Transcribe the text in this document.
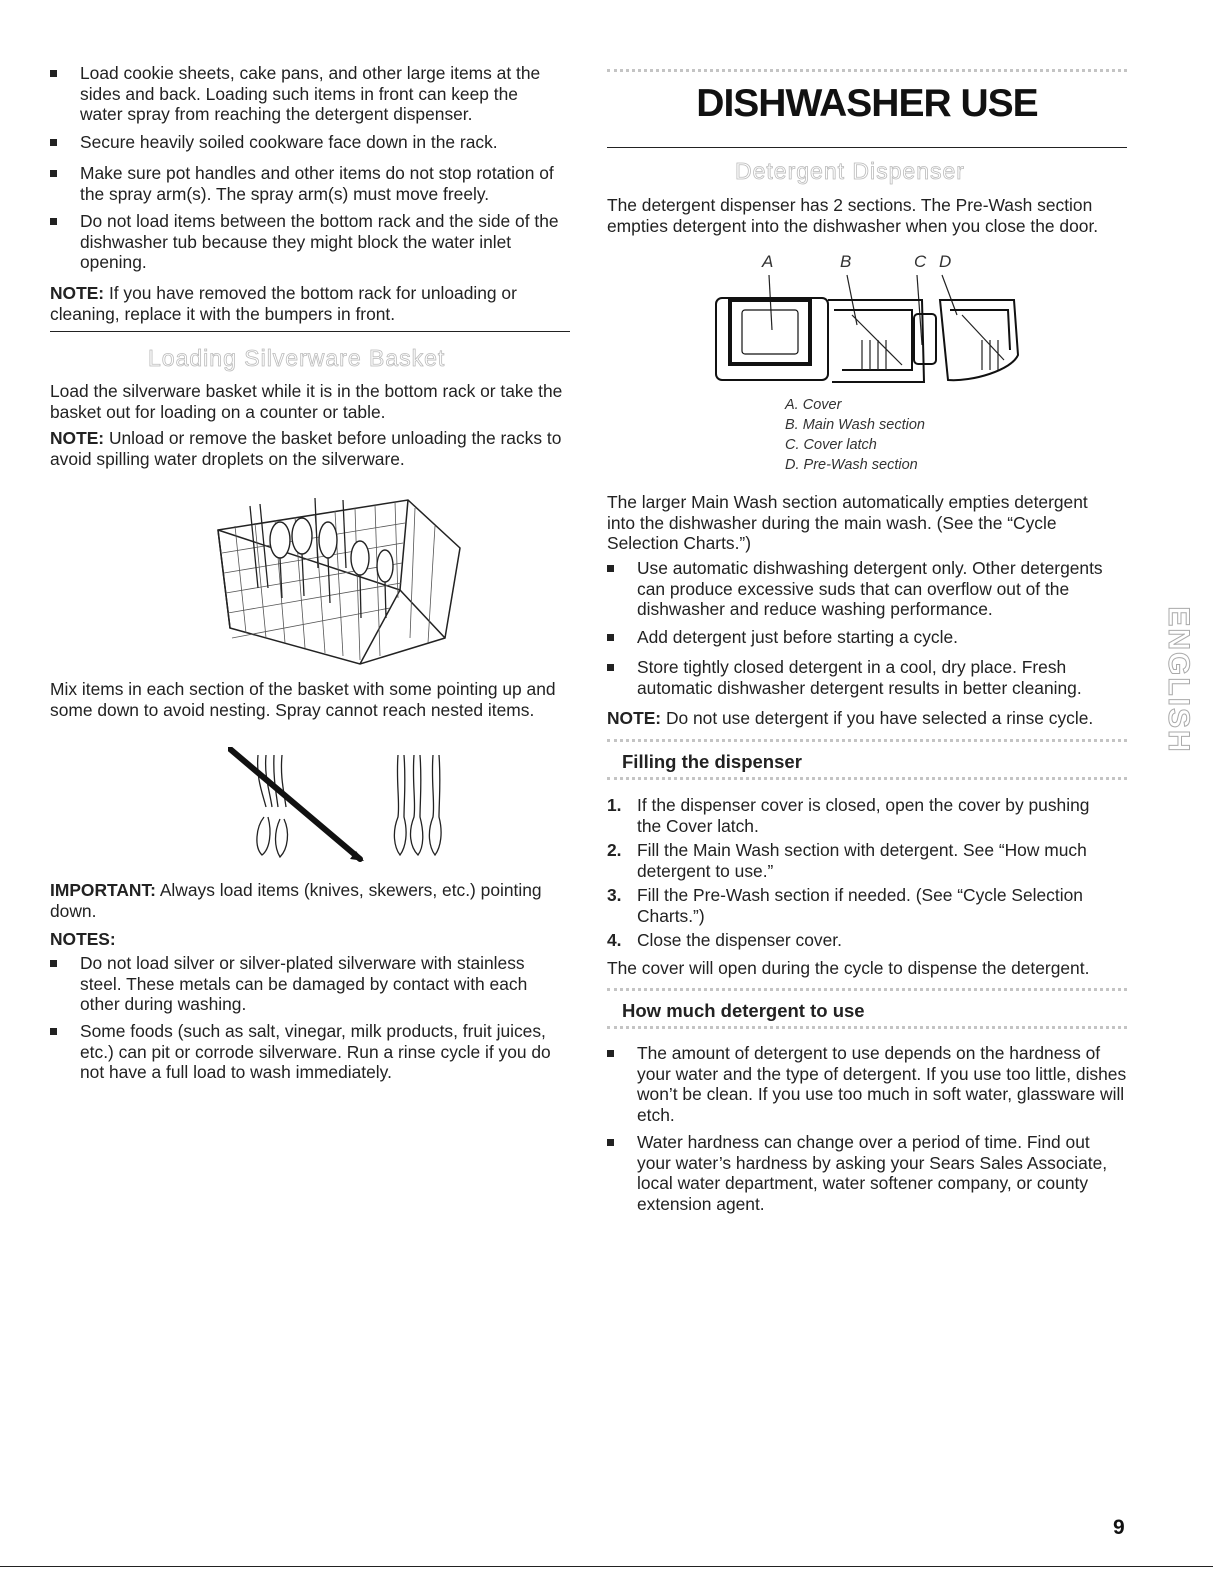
Load cookie sheets, cake pans, and other large items at the sides and back. Loading such items in front can keep the water spray from reaching the detergent dispenser.

Secure heavily soiled cookware face down in the rack.

Make sure pot handles and other items do not stop rotation of the spray arm(s). The spray arm(s) must move freely.

Do not load items between the bottom rack and the side of the dishwasher tub because they might block the water inlet opening.

NOTE: If you have removed the bottom rack for unloading or cleaning, replace it with the bumpers in front.

Loading Silverware Basket

Load the silverware basket while it is in the bottom rack or take the basket out for loading on a counter or table.

NOTE: Unload or remove the basket before unloading the racks to avoid spilling water droplets on the silverware.

Mix items in each section of the basket with some pointing up and some down to avoid nesting. Spray cannot reach nested items.

IMPORTANT: Always load items (knives, skewers, etc.) pointing down.

NOTES:

Do not load silver or silver-plated silverware with stainless steel. These metals can be damaged by contact with each other during washing.

Some foods (such as salt, vinegar, milk products, fruit juices, etc.) can pit or corrode silverware. Run a rinse cycle if you do not have a full load to wash immediately.

DISHWASHER USE
Detergent Dispenser

The detergent dispenser has 2 sections. The Pre-Wash section empties detergent into the dishwasher when you close the door.

A	B	C D
A. Cover
B. Main Wash section
C. Cover latch
D. Pre-Wash section

The larger Main Wash section automatically empties detergent into the dishwasher during the main wash. (See the “Cycle Selection Charts.”)

Use automatic dishwashing detergent only. Other detergents can produce excessive suds that can overflow out of the dishwasher and reduce washing performance.

Add detergent just before starting a cycle.

Store tightly closed detergent in a cool, dry place. Fresh automatic dishwasher detergent results in better cleaning.

NOTE: Do not use detergent if you have selected a rinse cycle.

Filling the dispenser
1. If the dispenser cover is closed, open the cover by pushing the Cover latch.

2. Fill the Main Wash section with detergent. See “How much detergent to use.”

3. Fill the Pre-Wash section if needed. (See “Cycle Selection Charts.”)

4. Close the dispenser cover.

The cover will open during the cycle to dispense the detergent.

How much detergent to use

The amount of detergent to use depends on the hardness of your water and the type of detergent. If you use too little, dishes won’t be clean. If you use too much in soft water, glassware will etch.

Water hardness can change over a period of time. Find out your water’s hardness by asking your Sears Sales Associate, local water department, water softener company, or county extension agent.

ENGLISH
9
